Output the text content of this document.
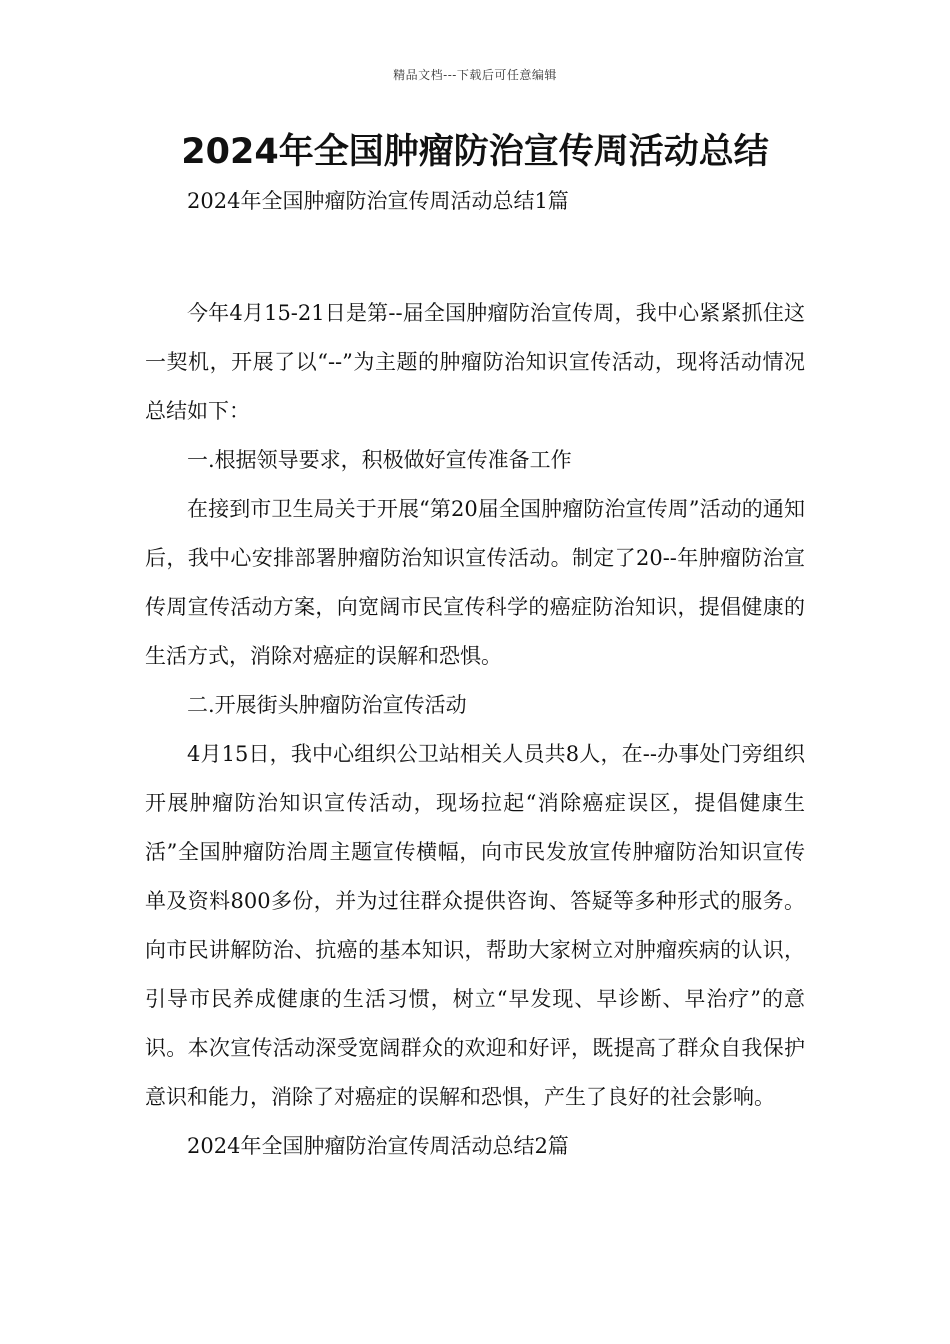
精品文档---下载后可任意编辑
2024年全国肿瘤防治宣传周活动总结

2024年全国肿瘤防治宣传周活动总结1篇

今年4月15-21日是第--届全国肿瘤防治宣传周，我中心紧紧抓住这一契机，开展了以“--”为主题的肿瘤防治知识宣传活动，现将活动情况总结如下：

一.根据领导要求，积极做好宣传准备工作

在接到市卫生局关于开展“第20届全国肿瘤防治宣传周”活动的通知后，我中心安排部署肿瘤防治知识宣传活动。制定了20--年肿瘤防治宣传周宣传活动方案，向宽阔市民宣传科学的癌症防治知识，提倡健康的生活方式，消除对癌症的误解和恐惧。

二.开展街头肿瘤防治宣传活动

4月15日，我中心组织公卫站相关人员共8人，在--办事处门旁组织开展肿瘤防治知识宣传活动，现场拉起“消除癌症误区，提倡健康生活”全国肿瘤防治周主题宣传横幅，向市民发放宣传肿瘤防治知识宣传单及资料800多份，并为过往群众提供咨询、答疑等多种形式的服务。向市民讲解防治、抗癌的基本知识，帮助大家树立对肿瘤疾病的认识，引导市民养成健康的生活习惯，树立“早发现、早诊断、早治疗”的意识。本次宣传活动深受宽阔群众的欢迎和好评，既提高了群众自我保护意识和能力，消除了对癌症的误解和恐惧，产生了良好的社会影响。

2024年全国肿瘤防治宣传周活动总结2篇
